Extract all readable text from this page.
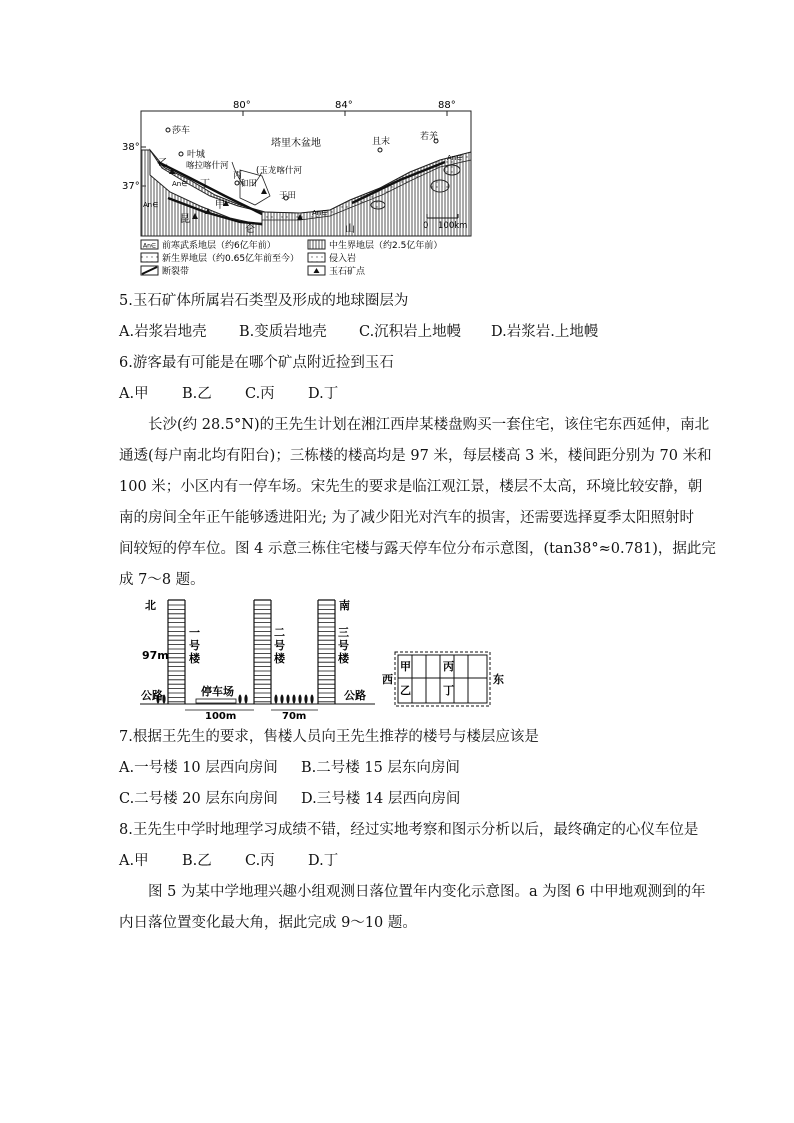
80°	84°	88°
38°
37°
莎车
塔里木盆地	且末	若羌
叶城
喀拉喀什河	(玉龙喀什河
和田
于田
乙
丁
丙
甲
昆
仑	山
An∈
An∈
An∈
An∈
0 100km
An∈ 前寒武系地层（约6亿年前）	中生界地层（约2.5亿年前）
新生界地层（约0.65亿年前至今）	侵入岩
断裂带	玉石矿点
5.玉石矿体所属岩石类型及形成的地球圈层为
A.岩浆岩地壳 B.变质岩地壳 C.沉积岩上地幔 D.岩浆岩.上地幔
6.游客最有可能是在哪个矿点附近捡到玉石
A.甲 B.乙 C.丙 D.丁
长沙(约 28.5°N)的王先生计划在湘江西岸某楼盘购买一套住宅，该住宅东西延伸，南北
通透(每户南北均有阳台)；三栋楼的楼高均是 97 米，每层楼高 3 米，楼间距分别为 70 米和
100 米；小区内有一停车场。宋先生的要求是临江观江景，楼层不太高，环境比较安静，朝
南的房间全年正午能够透进阳光; 为了减少阳光对汽车的损害，还需要选择夏季太阳照射时
间较短的停车位。图 4 示意三栋住宅楼与露天停车位分布示意图，(tan38°≈0.781)，据此完
成 7～8 题。
北	南
97m
一
号
楼
二
号
楼
三
号
楼
公路	公路
停车场
100m	70m
西	东
甲
乙
丙
丁
7.根据王先生的要求，售楼人员向王先生推荐的楼号与楼层应该是
A.一号楼 10 层西向房间 B.二号楼 15 层东向房间
C.二号楼 20 层东向房间 D.三号楼 14 层西向房间
8.王先生中学时地理学习成绩不错，经过实地考察和图示分析以后，最终确定的心仪车位是
A.甲 B.乙 C.丙 D.丁
图 5 为某中学地理兴趣小组观测日落位置年内变化示意图。a 为图 6 中甲地观测到的年
内日落位置变化最大角，据此完成 9～10 题。
